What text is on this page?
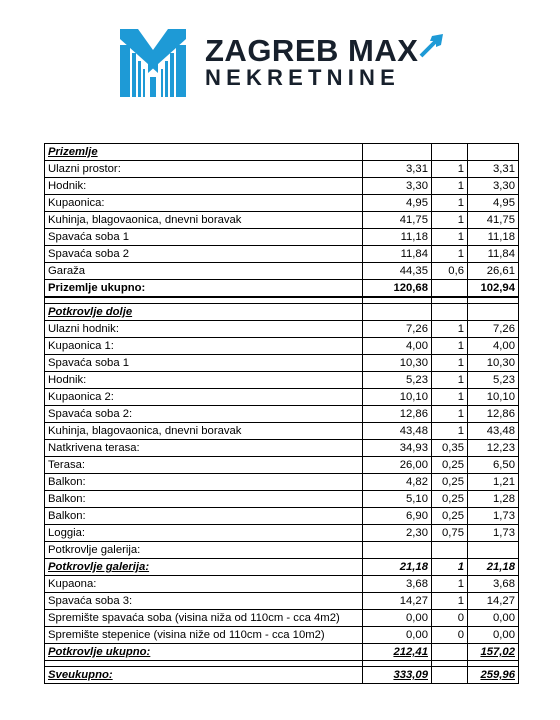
ZAGREB MAX
NEKRETNINE
Prizemlje			
Ulazni prostor:	3,31	1	3,31
Hodnik:	3,30	1	3,30
Kupaonica:	4,95	1	4,95
Kuhinja, blagovaonica, dnevni boravak	41,75	1	41,75
Spavaća soba 1	11,18	1	11,18
Spavaća soba 2	11,84	1	11,84
Garaža	44,35	0,6	26,61
Prizemlje ukupno:	120,68		102,94

Potkrovlje dolje			
Ulazni hodnik:	7,26	1	7,26
Kupaonica 1:	4,00	1	4,00
Spavaća soba 1	10,30	1	10,30
Hodnik:	5,23	1	5,23
Kupaonica 2:	10,10	1	10,10
Spavaća soba 2:	12,86	1	12,86
Kuhinja, blagovaonica, dnevni boravak	43,48	1	43,48
Natkrivena terasa:	34,93	0,35	12,23
Terasa:	26,00	0,25	6,50
Balkon:	4,82	0,25	1,21
Balkon:	5,10	0,25	1,28
Balkon:	6,90	0,25	1,73
Loggia:	2,30	0,75	1,73
Potkrovlje galerija:			
Potkrovlje galerija:	21,18	1	21,18
Kupaona:	3,68	1	3,68
Spavaća soba 3:	14,27	1	14,27
Spremište spavaća soba (visina niža od 110cm - cca 4m2)	0,00	0	0,00
Spremište stepenice (visina niže od 110cm - cca 10m2)	0,00	0	0,00
Potkrovlje ukupno:	212,41		157,02

Sveukupno:	333,09		259,96
